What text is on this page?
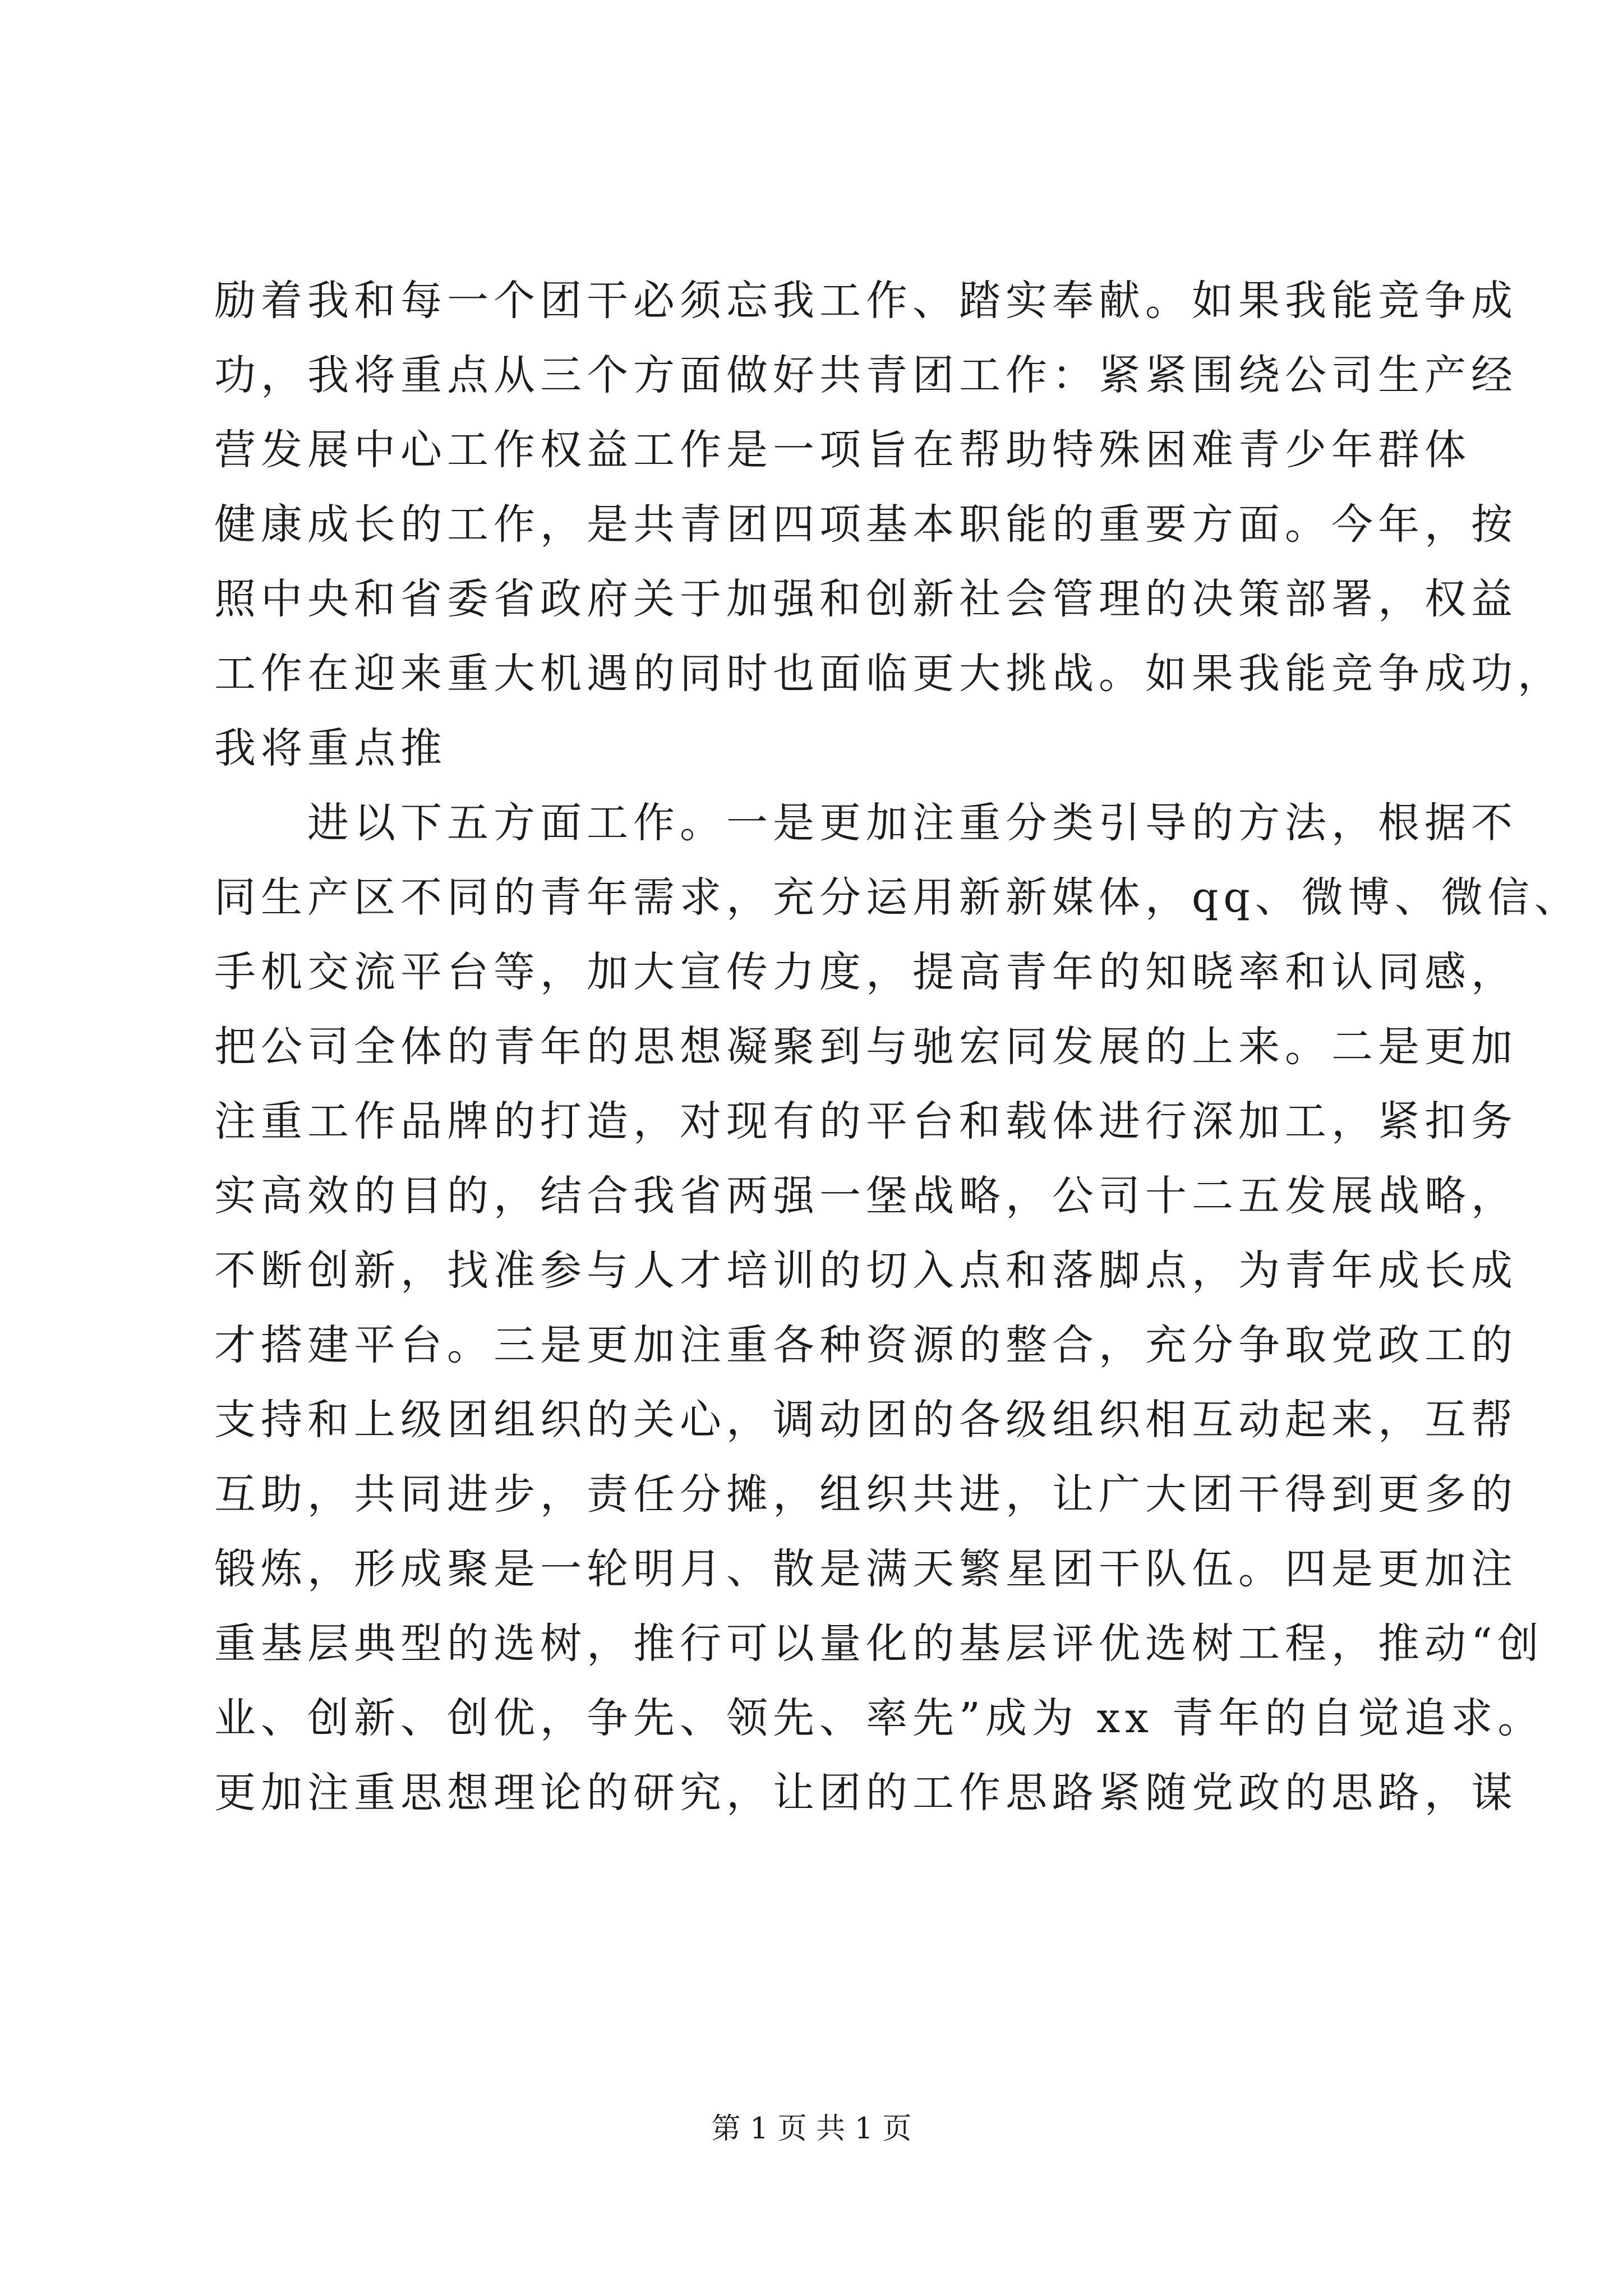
励着我和每一个团干必须忘我工作、踏实奉献。如果我能竞争成
功，我将重点从三个方面做好共青团工作：紧紧围绕公司生产经
营发展中心工作权益工作是一项旨在帮助特殊困难青少年群体
健康成长的工作，是共青团四项基本职能的重要方面。今年，按
照中央和省委省政府关于加强和创新社会管理的决策部署，权益
工作在迎来重大机遇的同时也面临更大挑战。如果我能竞争成功，
我将重点推
　　进以下五方面工作。一是更加注重分类引导的方法，根据不
同生产区不同的青年需求，充分运用新新媒体，qq、微博、微信、
手机交流平台等，加大宣传力度，提高青年的知晓率和认同感，
把公司全体的青年的思想凝聚到与驰宏同发展的上来。二是更加
注重工作品牌的打造，对现有的平台和载体进行深加工，紧扣务
实高效的目的，结合我省两强一堡战略，公司十二五发展战略，
不断创新，找准参与人才培训的切入点和落脚点，为青年成长成
才搭建平台。三是更加注重各种资源的整合，充分争取党政工的
支持和上级团组织的关心，调动团的各级组织相互动起来，互帮
互助，共同进步，责任分摊，组织共进，让广大团干得到更多的
锻炼，形成聚是一轮明月、散是满天繁星团干队伍。四是更加注
重基层典型的选树，推行可以量化的基层评优选树工程，推动“创
业、创新、创优，争先、领先、率先”成为 xx 青年的自觉追求。
更加注重思想理论的研究，让团的工作思路紧随党政的思路，谋
第 1 页 共 1 页
